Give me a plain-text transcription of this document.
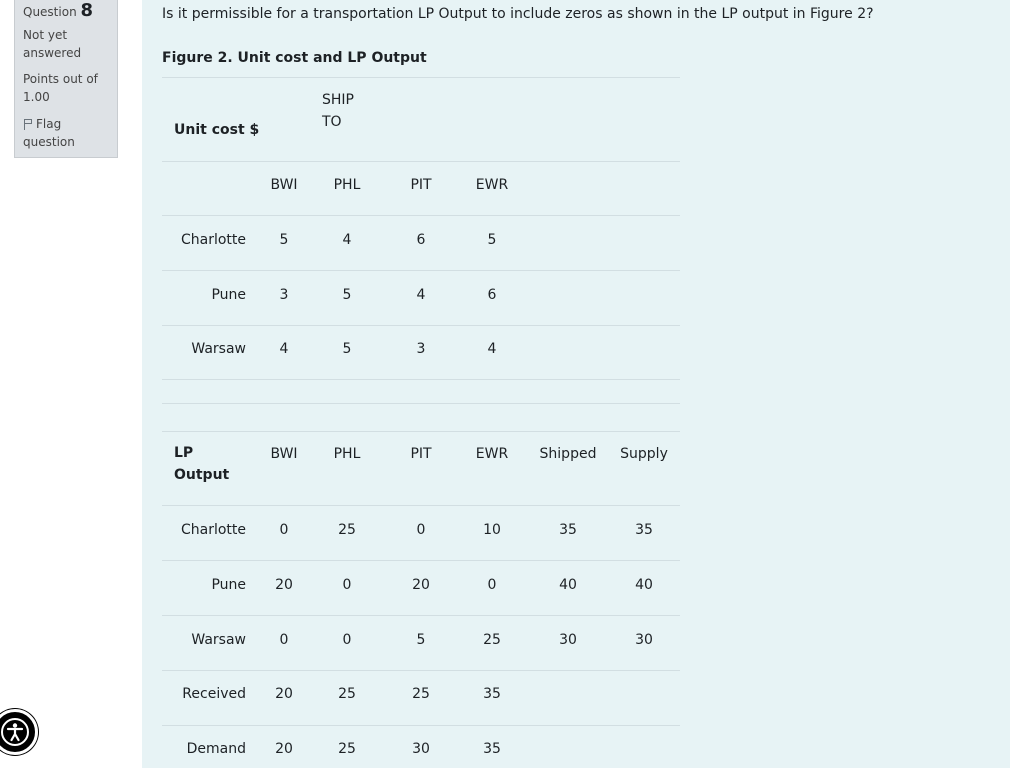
Question 8
Not yet answered
Points out of 1.00
Flag question
Is it permissible for a transportation LP Output to include zeros as shown in the LP output in Figure 2?
Figure 2. Unit cost and LP Output
Unit cost $
SHIP
TO
BWI	PHL	PIT	EWR
Charlotte 5	4	6	5
Pune 3	5	4	6
Warsaw 4	5	3	4
LP
Output
BWI	PHL	PIT	EWR Shipped Supply
Charlotte 0	25	0	10	35	35
Pune 20	0	20	0	40	40
Warsaw 0	0	5	25	30	30
Received 20	25	25	35
Demand 20	25	30	35
